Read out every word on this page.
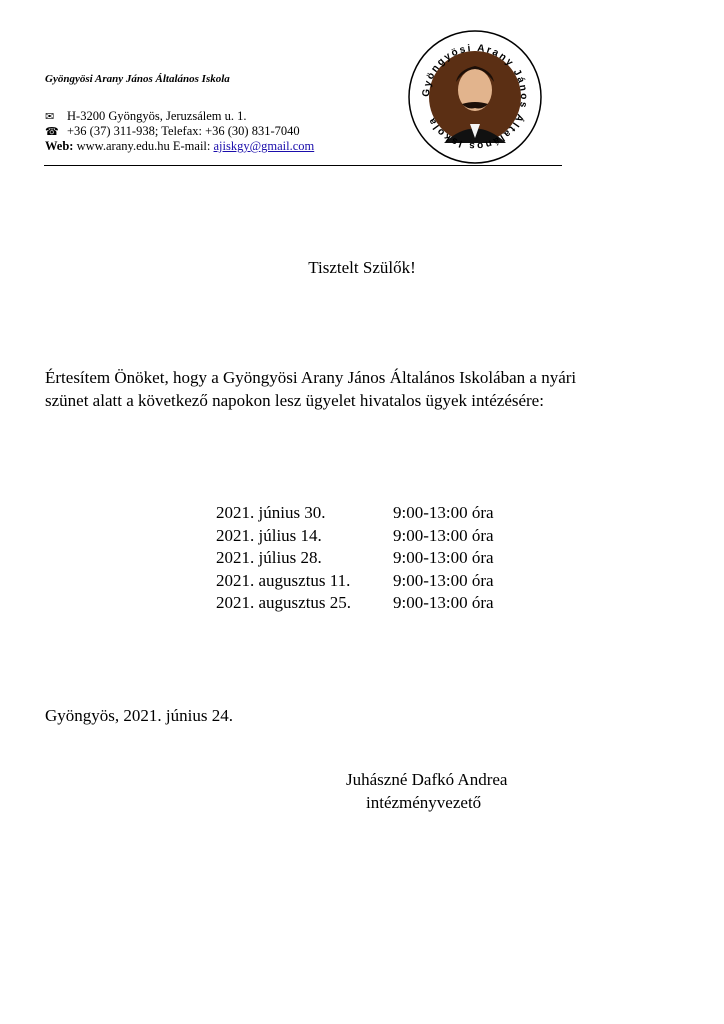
Gyöngyösi Arany János Általános Iskola
✉ H-3200 Gyöngyös, Jeruzsálem u. 1.
☎ +36 (37) 311-938; Telefax: +36 (30) 831-7040
Web: www.arany.edu.hu E-mail: ajiskgy@gmail.com
Gyöngyösi Arany János Általános Iskola
Tisztelt Szülők!
Értesítem Önöket, hogy a Gyöngyösi Arany János Általános Iskolában a nyári
szünet alatt a következő napokon lesz ügyelet hivatalos ügyek intézésére:
2021. június 30.	9:00-13:00 óra
2021. július 14.	9:00-13:00 óra
2021. július 28.	9:00-13:00 óra
2021. augusztus 11.	9:00-13:00 óra
2021. augusztus 25.	9:00-13:00 óra
Gyöngyös, 2021. június 24.
Juhászné Dafkó Andrea
intézményvezető
